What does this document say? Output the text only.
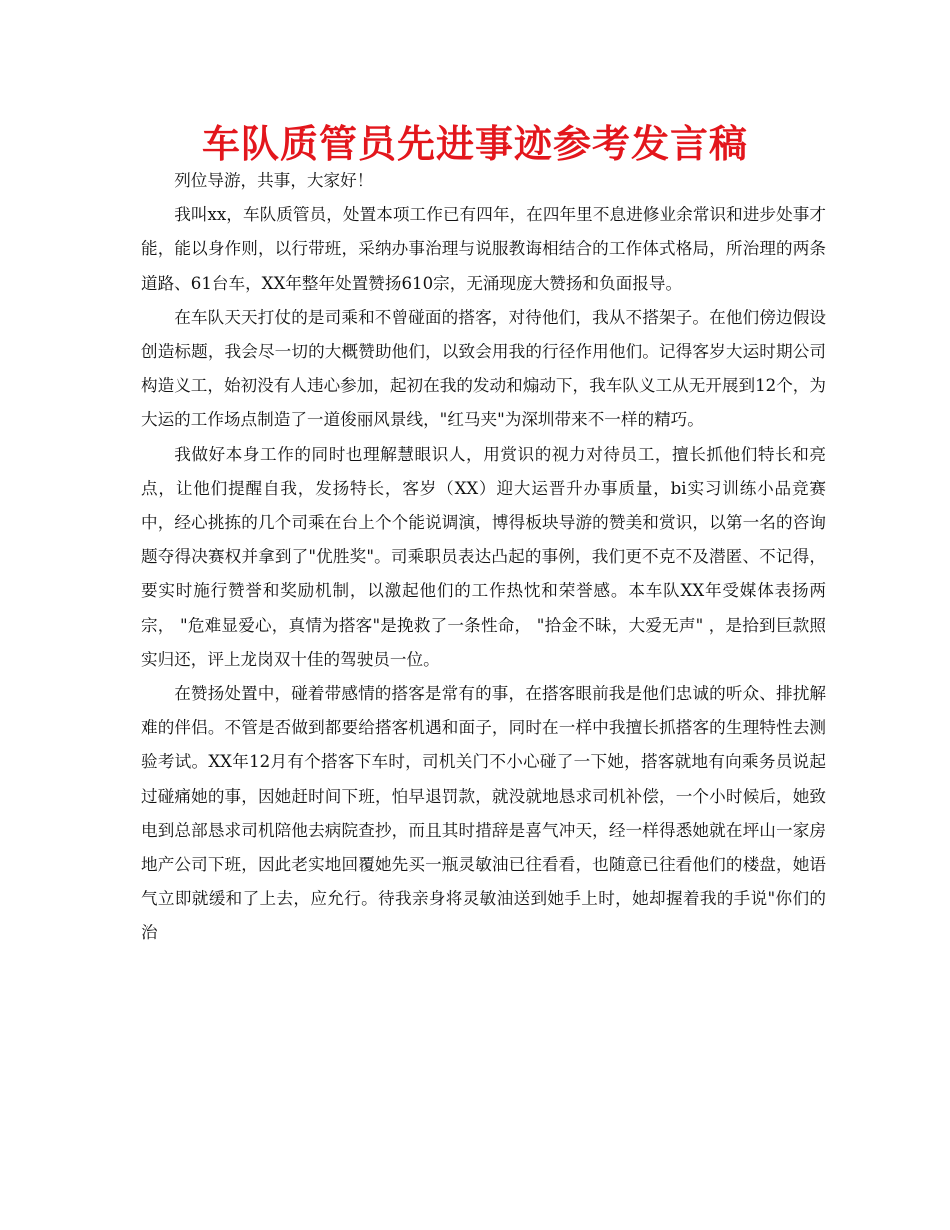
车队质管员先进事迹参考发言稿

列位导游，共事，大家好！

我叫xx，车队质管员，处置本项工作已有四年，在四年里不息进修业余常识和进步处事才能，能以身作则，以行带班，采纳办事治理与说服教诲相结合的工作体式格局，所治理的两条道路、61台车，XX年整年处置赞扬610宗，无涌现庞大赞扬和负面报导。

在车队天天打仗的是司乘和不曾碰面的搭客，对待他们，我从不搭架子。在他们傍边假设创造标题，我会尽一切的大概赞助他们，以致会用我的行径作用他们。记得客岁大运时期公司构造义工，始初没有人违心参加，起初在我的发动和煽动下，我车队义工从无开展到12个，为大运的工作场点制造了一道俊丽风景线，"红马夹"为深圳带来不一样的精巧。

我做好本身工作的同时也理解慧眼识人，用赏识的视力对待员工，擅长抓他们特长和亮点，让他们提醒自我，发扬特长，客岁（XX）迎大运晋升办事质量，bi实习训练小品竞赛中，经心挑拣的几个司乘在台上个个能说调演，博得板块导游的赞美和赏识，以第一名的咨询题夺得决赛权并拿到了"优胜奖"。司乘职员表达凸起的事例，我们更不克不及潜匿、不记得，要实时施行赞誉和奖励机制，以激起他们的工作热忱和荣誉感。本车队XX年受媒体表扬两宗， "危难显爱心，真情为搭客"是挽救了一条性命， "拾金不昧，大爱无声" ，是拾到巨款照实归还，评上龙岗双十佳的驾驶员一位。

在赞扬处置中，碰着带感情的搭客是常有的事，在搭客眼前我是他们忠诚的听众、排扰解难的伴侣。不管是否做到都要给搭客机遇和面子，同时在一样中我擅长抓搭客的生理特性去测验考试。XX年12月有个搭客下车时，司机关门不小心碰了一下她，搭客就地有向乘务员说起过碰痛她的事，因她赶时间下班，怕早退罚款，就没就地恳求司机补偿，一个小时候后，她致电到总部恳求司机陪他去病院查抄，而且其时措辞是喜气冲天，经一样得悉她就在坪山一家房地产公司下班，因此老实地回覆她先买一瓶灵敏油已往看看，也随意已往看他们的楼盘，她语气立即就缓和了上去，应允行。待我亲身将灵敏油送到她手上时，她却握着我的手说"你们的治
